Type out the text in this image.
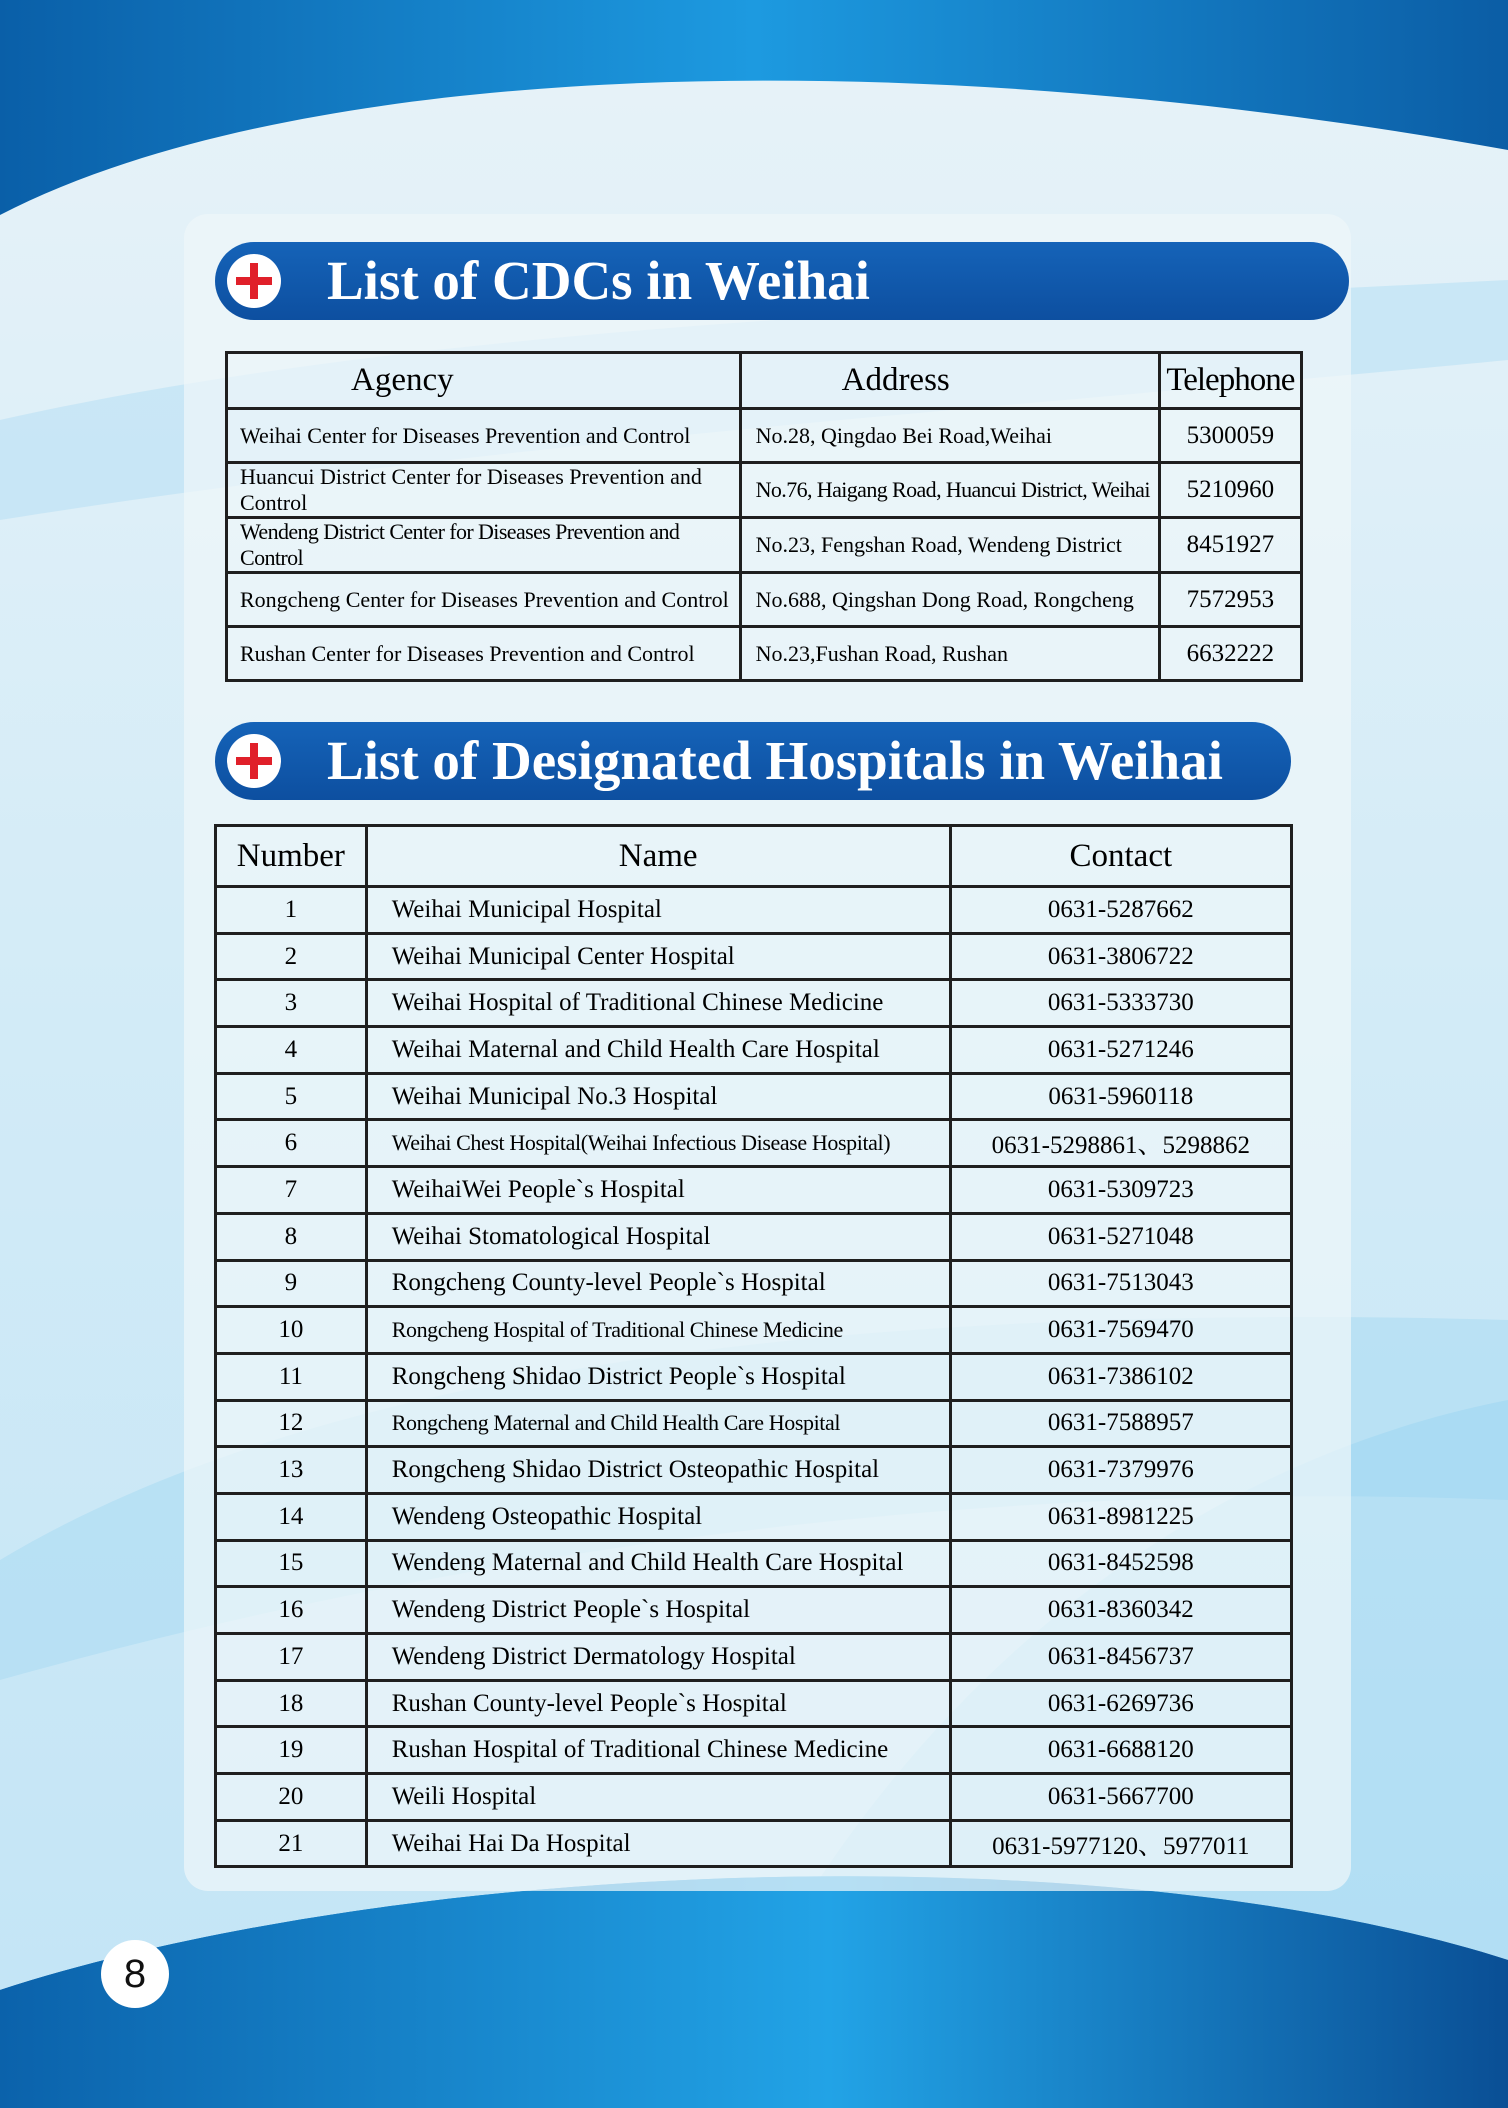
List of CDCs in Weihai
Agency	Address	Telephone
Weihai Center for Diseases Prevention and Control	No.28, Qingdao Bei Road,Weihai	5300059
Huancui District Center for Diseases Prevention and Control	No.76, Haigang Road, Huancui District, Weihai	5210960
Wendeng District Center for Diseases Prevention and Control	No.23, Fengshan Road, Wendeng District	8451927
Rongcheng Center for Diseases Prevention and Control	No.688, Qingshan Dong Road, Rongcheng	7572953
Rushan Center for Diseases Prevention and Control	No.23,Fushan Road, Rushan	6632222
List of Designated Hospitals in Weihai
Number	Name	Contact
1	Weihai Municipal Hospital	0631-5287662
2	Weihai Municipal Center Hospital	0631-3806722
3	Weihai Hospital of Traditional Chinese Medicine	0631-5333730
4	Weihai Maternal and Child Health Care Hospital	0631-5271246
5	Weihai Municipal No.3 Hospital	0631-5960118
6	Weihai Chest Hospital(Weihai Infectious Disease Hospital)	0631-5298861、5298862
7	WeihaiWei People`s Hospital	0631-5309723
8	Weihai Stomatological Hospital	0631-5271048
9	Rongcheng County-level People`s Hospital	0631-7513043
10	Rongcheng Hospital of Traditional Chinese Medicine	0631-7569470
11	Rongcheng Shidao District People`s Hospital	0631-7386102
12	Rongcheng Maternal and Child Health Care Hospital	0631-7588957
13	Rongcheng Shidao District Osteopathic Hospital	0631-7379976
14	Wendeng Osteopathic Hospital	0631-8981225
15	Wendeng Maternal and Child Health Care Hospital	0631-8452598
16	Wendeng District People`s Hospital	0631-8360342
17	Wendeng District Dermatology Hospital	0631-8456737
18	Rushan County-level People`s Hospital	0631-6269736
19	Rushan Hospital of Traditional Chinese Medicine	0631-6688120
20	Weili Hospital	0631-5667700
21	Weihai Hai Da Hospital	0631-5977120、5977011
8
